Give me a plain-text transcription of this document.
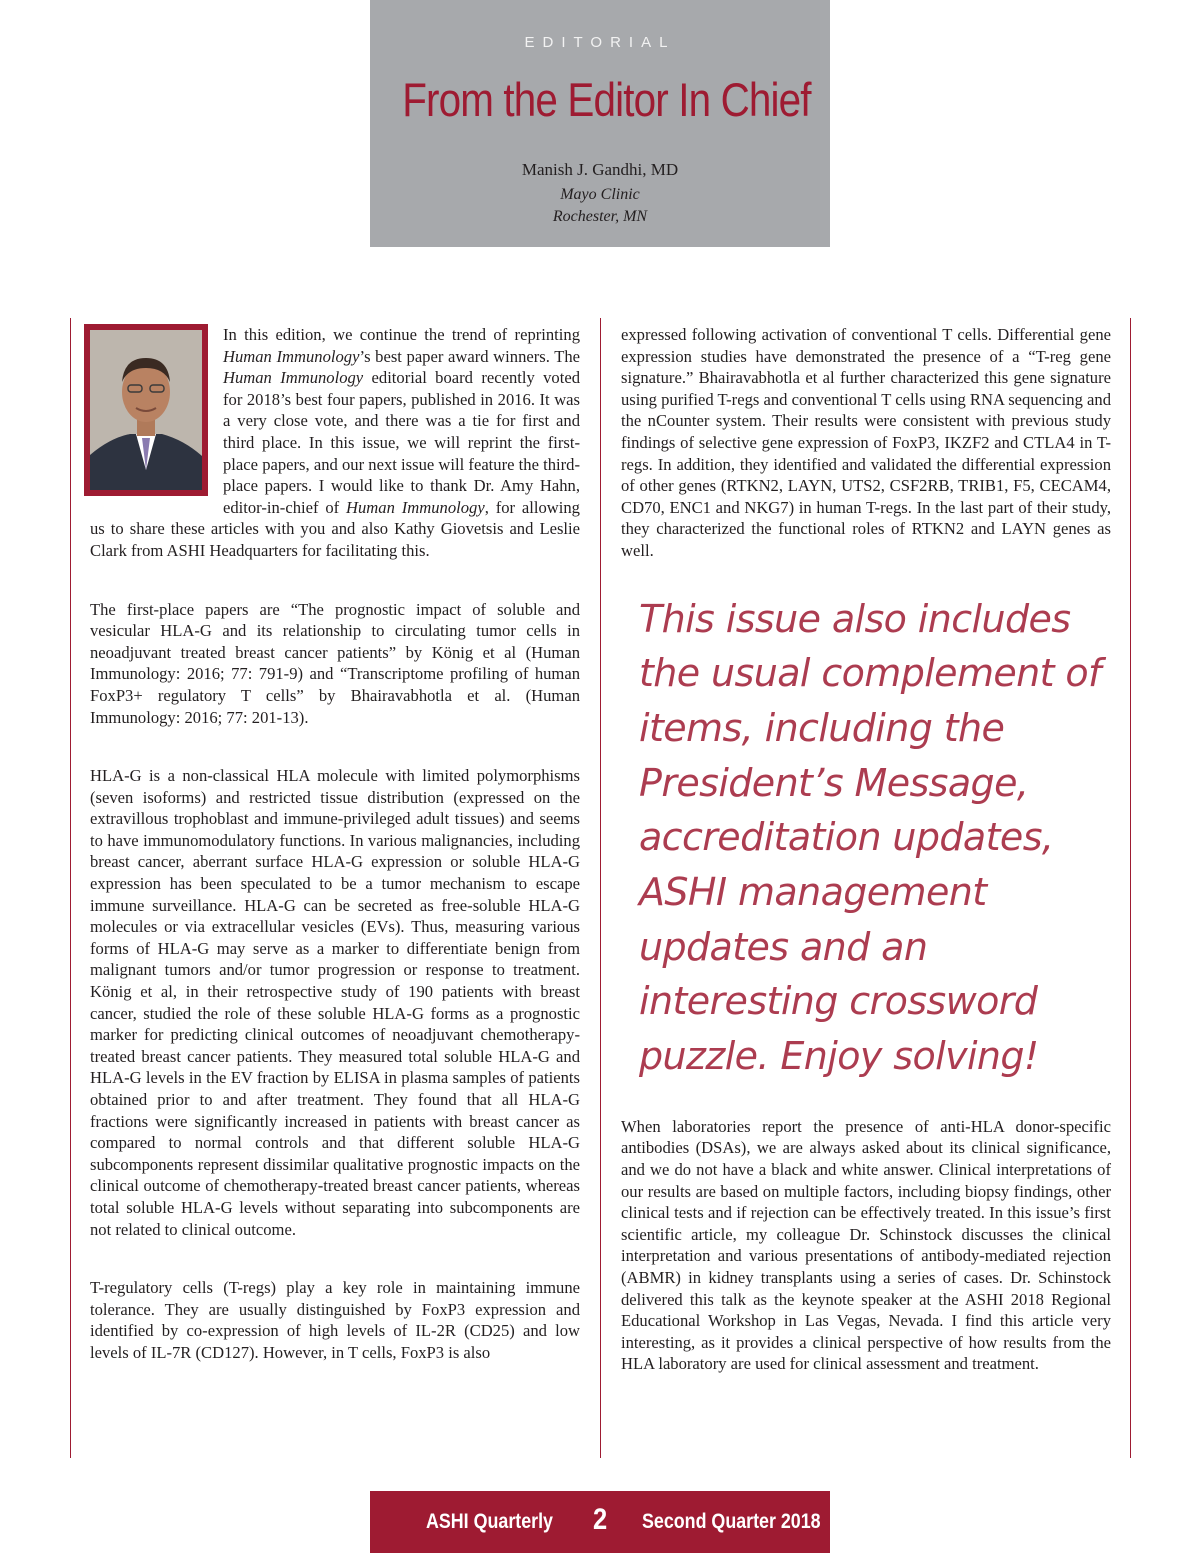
EDITORIAL
From the Editor In Chief
Manish J. Gandhi, MD
Mayo Clinic
Rochester, MN

In this edition, we continue the trend of reprinting Human Immunology’s best paper award winners. The Human Immunology editorial board recently voted for 2018’s best four papers, published in 2016. It was a very close vote, and there was a tie for first and third place. In this issue, we will reprint the first-place papers, and our next issue will feature the third-place papers. I would like to thank Dr. Amy Hahn, editor-in-chief of Human Immunology, for allowing us to share these articles with you and also Kathy Giovetsis and Leslie Clark from ASHI Headquarters for facilitating this.

The first-place papers are “The prognostic impact of soluble and vesicular HLA-G and its relationship to circulating tumor cells in neoadjuvant treated breast cancer patients” by König et al (Human Immunology: 2016; 77: 791-9) and “Transcriptome profiling of human FoxP3+ regulatory T cells” by Bhairavabhotla et al. (Human Immunology: 2016; 77: 201-13).

HLA-G is a non-classical HLA molecule with limited polymorphisms (seven isoforms) and restricted tissue distribution (expressed on the extravillous trophoblast and immune-privileged adult tissues) and seems to have immunomodulatory functions. In various malignancies, including breast cancer, aberrant surface HLA-G expression or soluble HLA-G expression has been speculated to be a tumor mechanism to escape immune surveillance. HLA-G can be secreted as free-soluble HLA-G molecules or via extracellular vesicles (EVs). Thus, measuring various forms of HLA-G may serve as a marker to differentiate benign from malignant tumors and/or tumor progression or response to treatment. König et al, in their retrospective study of 190 patients with breast cancer, studied the role of these soluble HLA-G forms as a prognostic marker for predicting clinical outcomes of neoadjuvant chemotherapy-treated breast cancer patients. They measured total soluble HLA-G and HLA-G levels in the EV fraction by ELISA in plasma samples of patients obtained prior to and after treatment. They found that all HLA-G fractions were significantly increased in patients with breast cancer as compared to normal controls and that different soluble HLA-G subcomponents represent dissimilar qualitative prognostic impacts on the clinical outcome of chemotherapy-treated breast cancer patients, whereas total soluble HLA-G levels without separating into subcomponents are not related to clinical outcome.

T-regulatory cells (T-regs) play a key role in maintaining immune tolerance. They are usually distinguished by FoxP3 expression and identified by co-expression of high levels of IL-2R (CD25) and low levels of IL-7R (CD127). However, in T cells, FoxP3 is also

expressed following activation of conventional T cells. Differential gene expression studies have demonstrated the presence of a “T-reg gene signature.” Bhairavabhotla et al further characterized this gene signature using purified T-regs and conventional T cells using RNA sequencing and the nCounter system. Their results were consistent with previous study findings of selective gene expression of FoxP3, IKZF2 and CTLA4 in T-regs. In addition, they identified and validated the differential expression of other genes (RTKN2, LAYN, UTS2, CSF2RB, TRIB1, F5, CECAM4, CD70, ENC1 and NKG7) in human T-regs. In the last part of their study, they characterized the functional roles of RTKN2 and LAYN genes as well.

This issue also includes the usual complement of items, including the President’s Message, accreditation updates, ASHI management updates and an interesting crossword puzzle. Enjoy solving!

When laboratories report the presence of anti-HLA donor-specific antibodies (DSAs), we are always asked about its clinical significance, and we do not have a black and white answer. Clinical interpretations of our results are based on multiple factors, including biopsy findings, other clinical tests and if rejection can be effectively treated. In this issue’s first scientific article, my colleague Dr. Schinstock discusses the clinical interpretation and various presentations of antibody-mediated rejection (ABMR) in kidney transplants using a series of cases. Dr. Schinstock delivered this talk as the keynote speaker at the ASHI 2018 Regional Educational Workshop in Las Vegas, Nevada. I find this article very interesting, as it provides a clinical perspective of how results from the HLA laboratory are used for clinical assessment and treatment.

ASHI Quarterly 2 Second Quarter 2018
